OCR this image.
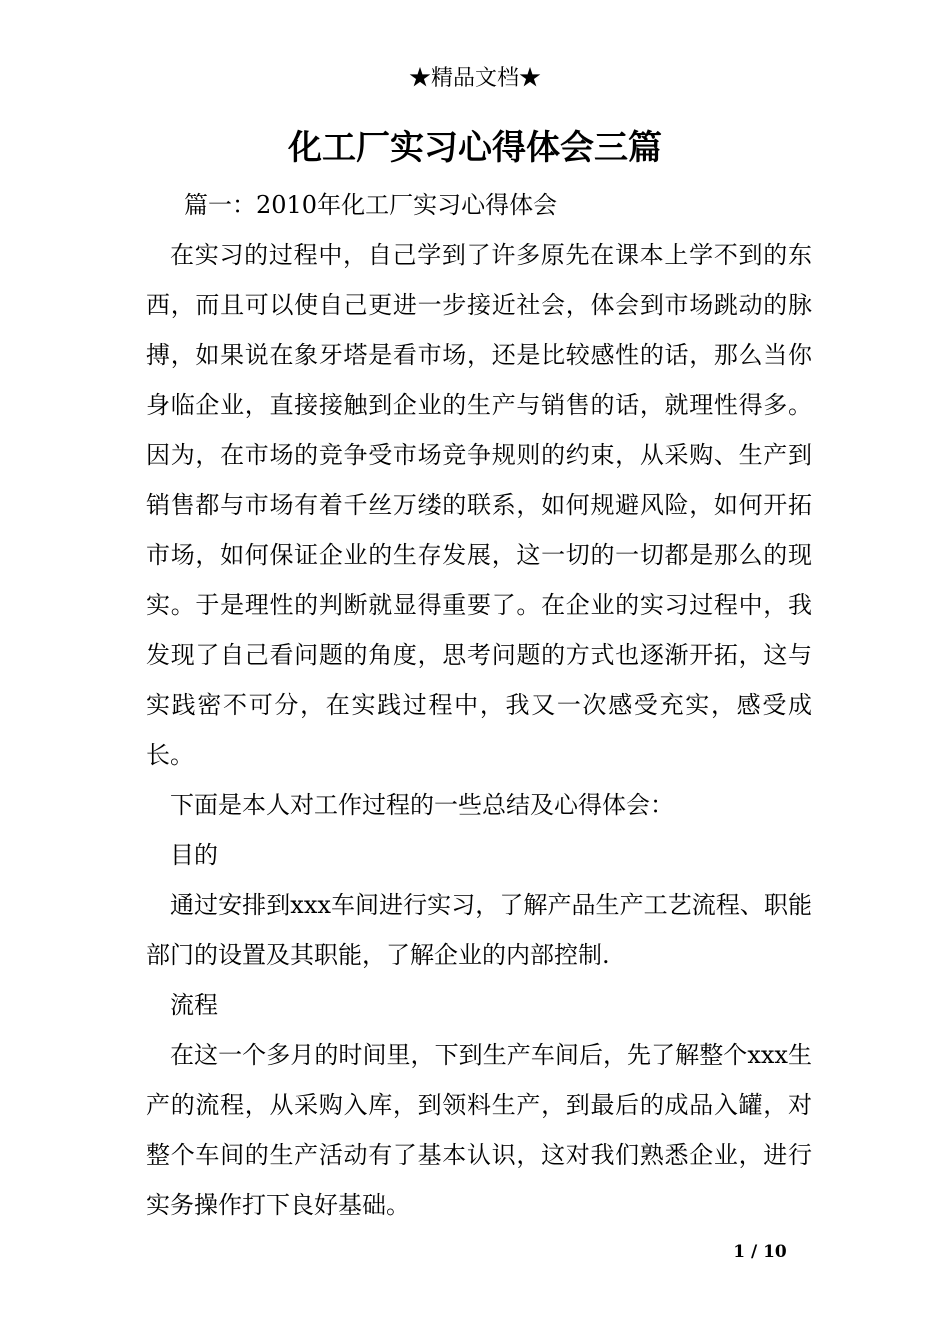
★精品文档★
化工厂实习心得体会三篇

篇一：2010年化工厂实习心得体会

在实习的过程中，自己学到了许多原先在课本上学不到的东西，而且可以使自己更进一步接近社会，体会到市场跳动的脉搏，如果说在象牙塔是看市场，还是比较感性的话，那么当你身临企业，直接接触到企业的生产与销售的话，就理性得多。因为，在市场的竞争受市场竞争规则的约束，从采购、生产到销售都与市场有着千丝万缕的联系，如何规避风险，如何开拓市场，如何保证企业的生存发展，这一切的一切都是那么的现实。于是理性的判断就显得重要了。在企业的实习过程中，我发现了自己看问题的角度，思考问题的方式也逐渐开拓，这与实践密不可分，在实践过程中，我又一次感受充实，感受成长。

下面是本人对工作过程的一些总结及心得体会：

目的

通过安排到xxx车间进行实习，了解产品生产工艺流程、职能部门的设置及其职能，了解企业的内部控制.

流程

在这一个多月的时间里，下到生产车间后，先了解整个xxx生产的流程，从采购入库，到领料生产，到最后的成品入罐，对整个车间的生产活动有了基本认识，这对我们熟悉企业，进行实务操作打下良好基础。

1 / 10
